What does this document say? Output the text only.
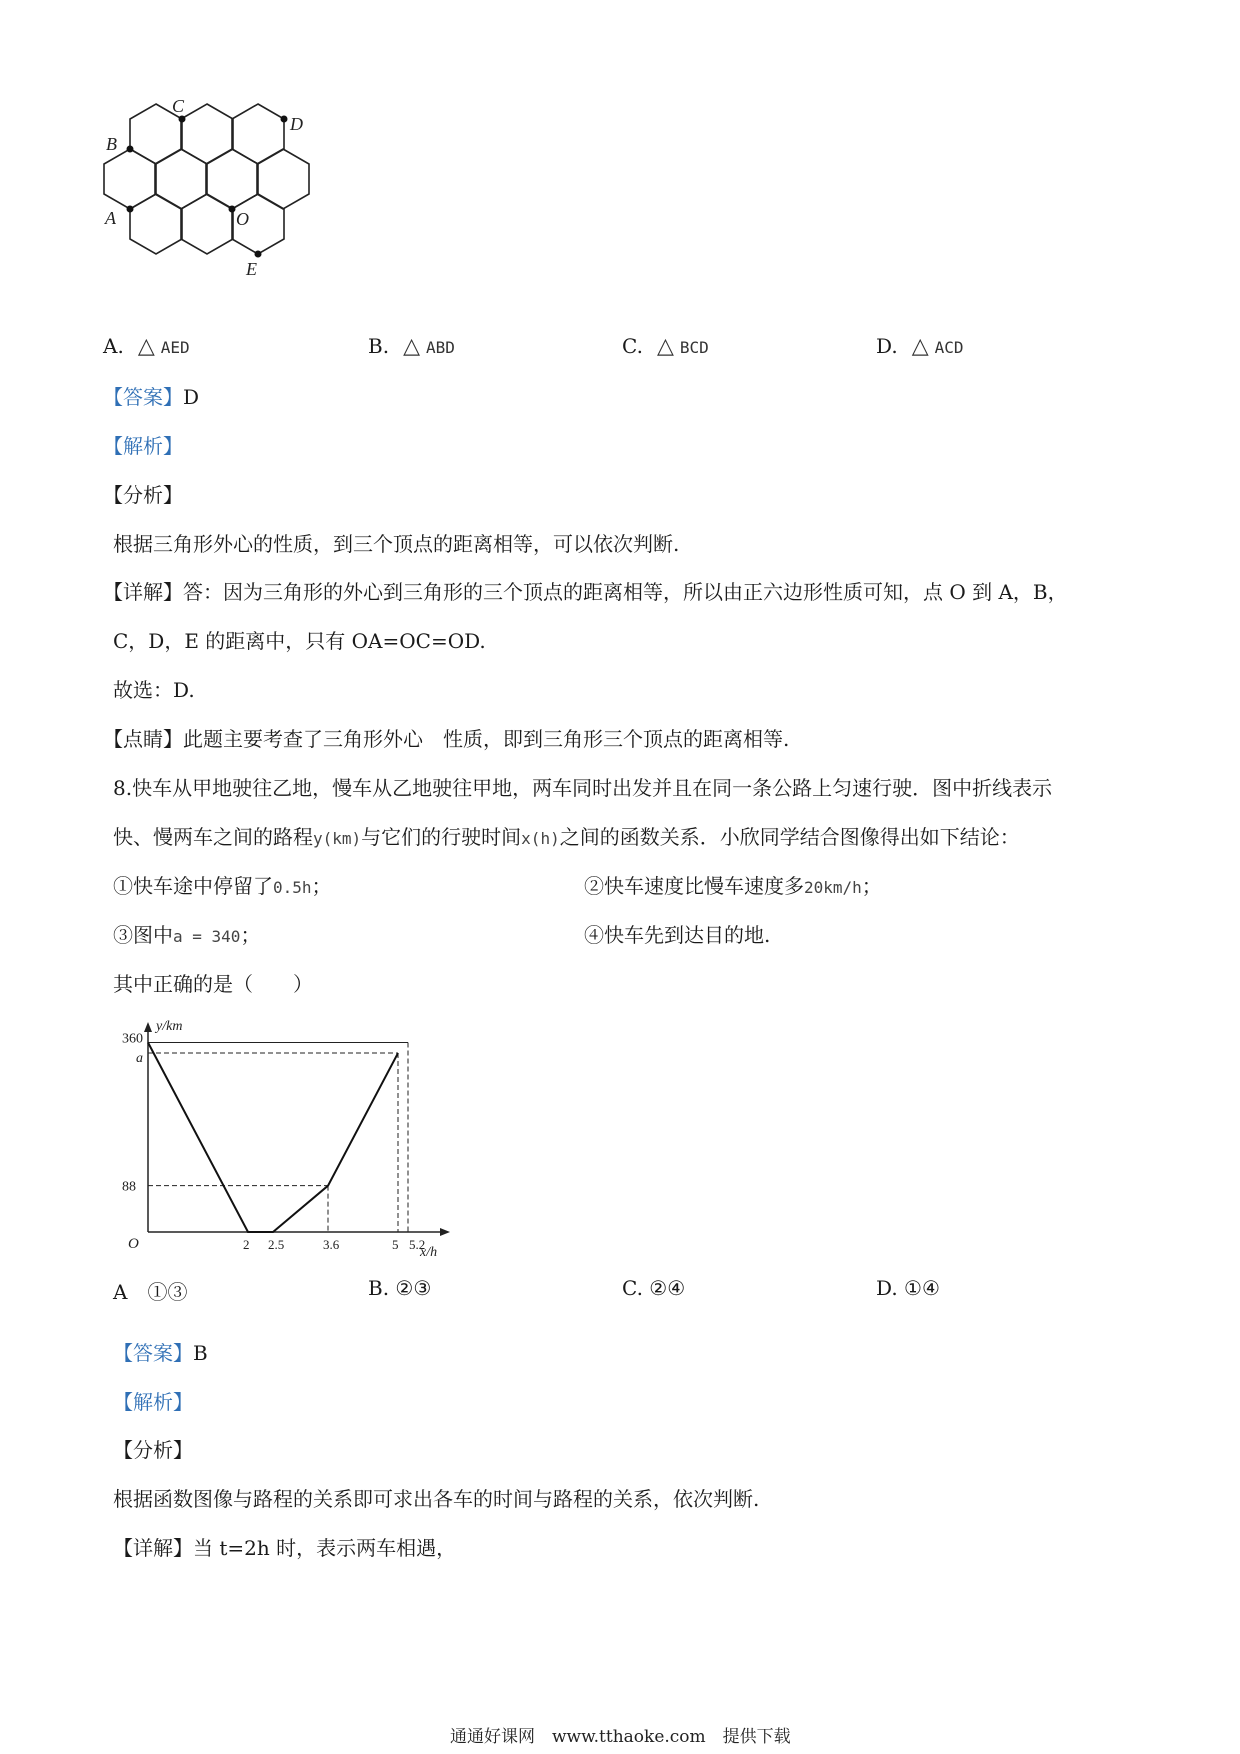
C
D
B
A	O
E
A. △ AED	B. △ ABD	C. △ BCD	D. △ ACD
【答案】D
【解析】
【分析】
根据三角形外心的性质，到三个顶点的距离相等，可以依次判断.
【详解】答：因为三角形的外心到三角形的三个顶点的距离相等，所以由正六边形性质可知，点 O 到 A，B，
C，D，E 的距离中，只有 OA=OC=OD.
故选：D.
【点睛】此题主要考查了三角形外心　性质，即到三角形三个顶点的距离相等.
8.快车从甲地驶往乙地，慢车从乙地驶往甲地，两车同时出发并且在同一条公路上匀速行驶．图中折线表示
快、慢两车之间的路程y(km)与它们的行驶时间x(h)之间的函数关系．小欣同学结合图像得出如下结论：
①快车途中停留了0.5h；	②快车速度比慢车速度多20km/h；
③图中a = 340；	④快车先到达目的地.
其中正确的是（　　）
2 2.5	3.6	5 5.2
360
a
88
x/h
y/km
O
A　①③	B. ②③	C. ②④	D. ①④
【答案】B
【解析】
【分析】
根据函数图像与路程的关系即可求出各车的时间与路程的关系，依次判断.
【详解】当 t=2h 时，表示两车相遇，
通通好课网　www.tthaoke.com　提供下载
